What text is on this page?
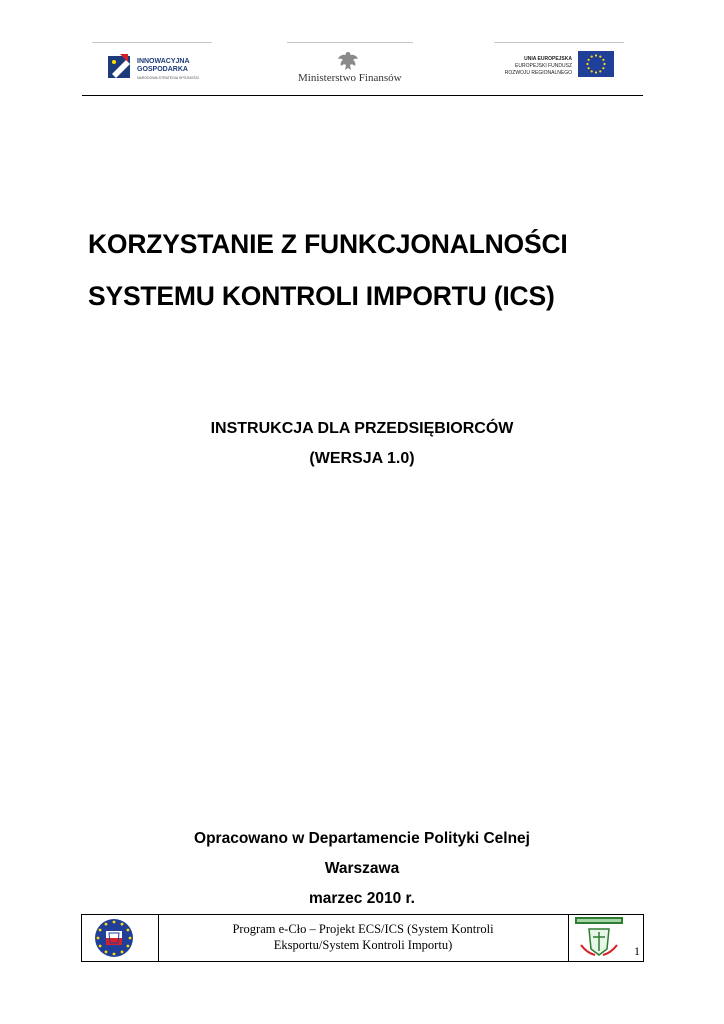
INNOWACYJNA
GOSPODARKA
NARODOWA STRATEGIA SPÓJNOŚCI	Ministerstwo Finansów
UNIA EUROPEJSKA
EUROPEJSKI FUNDUSZ
ROZWOJU REGIONALNEGO
KORZYSTANIE Z FUNKCJONALNOŚCI
SYSTEMU KONTROLI IMPORTU (ICS)
INSTRUKCJA DLA PRZEDSIĘBIORCÓW
(WERSJA 1.0)
Opracowano w Departamencie Polityki Celnej
Warszawa
marzec 2010 r.
Program e-Cło – Projekt ECS/ICS (System Kontroli
Eksportu/System Kontroli Importu)	1
